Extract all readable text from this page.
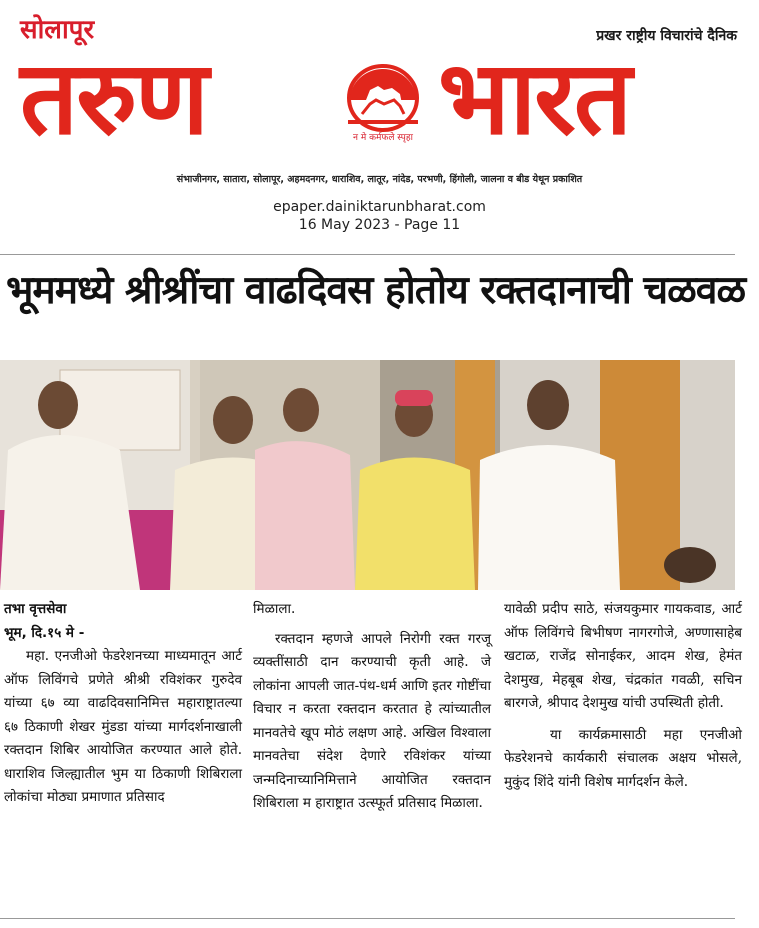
सोलापूर	प्रखर राष्ट्रीय विचारांचे दैनिक
तरुण	न मे कर्मफले स्पृहा भारत
संभाजीनगर, सातारा, सोलापूर, अहमदनगर, धाराशिव, लातूर, नांदेड, परभणी, हिंगोली, जालना व बीड येथून प्रकाशित
epaper.dainiktarunbharat.com
16 May 2023 - Page 11
भूममध्ये श्रीश्रींचा वाढदिवस होतोय रक्तदानाची चळवळ
तभा वृत्तसेवा
भूम, दि.१५ मे -

महा. एनजीओ फेडरेशनच्या माध्यमातून आर्ट ऑफ लिविंगचे प्रणेते श्रीश्री रविशंकर गुरुदेव यांच्या ६७ व्या वाढदिवसानिमित्त महाराष्ट्रातल्या ६७ ठिकाणी शेखर मुंडडा यांच्या मार्गदर्शनाखाली रक्तदान शिबिर आयोजित करण्यात आले होते. धाराशिव जिल्ह्यातील भुम या ठिकाणी शिबिराला लोकांचा मोठ्या प्रमाणात प्रतिसाद

मिळाला.

रक्तदान म्हणजे आपले निरोगी रक्त गरजू व्यक्तींसाठी दान करण्याची कृती आहे. जे लोकांना आपली जात-पंथ-धर्म आणि इतर गोष्टींचा विचार न करता रक्तदान करतात हे त्यांच्यातील मानवतेचे खूप मोठं लक्षण आहे. अखिल विश्वाला मानवतेचा संदेश देणारे रविशंकर यांच्या जन्मदिनाच्यानिमित्ताने आयोजित रक्तदान शिबिराला म हाराष्ट्रात उत्स्फूर्त प्रतिसाद मिळाला.

यावेळी प्रदीप साठे, संजयकुमार गायकवाड, आर्ट ऑफ लिविंगचे बिभीषण नागरगोजे, अण्णासाहेब खटाळ, राजेंद्र सोनाईकर, आदम शेख, हेमंत देशमुख, मेहबूब शेख, चंद्रकांत गवळी, सचिन बारगजे, श्रीपाद देशमुख यांची उपस्थिती होती.

या कार्यक्रमासाठी महा एनजीओ फेडरेशनचे कार्यकारी संचालक अक्षय भोसले, मुकुंद शिंदे यांनी विशेष मार्गदर्शन केले.
